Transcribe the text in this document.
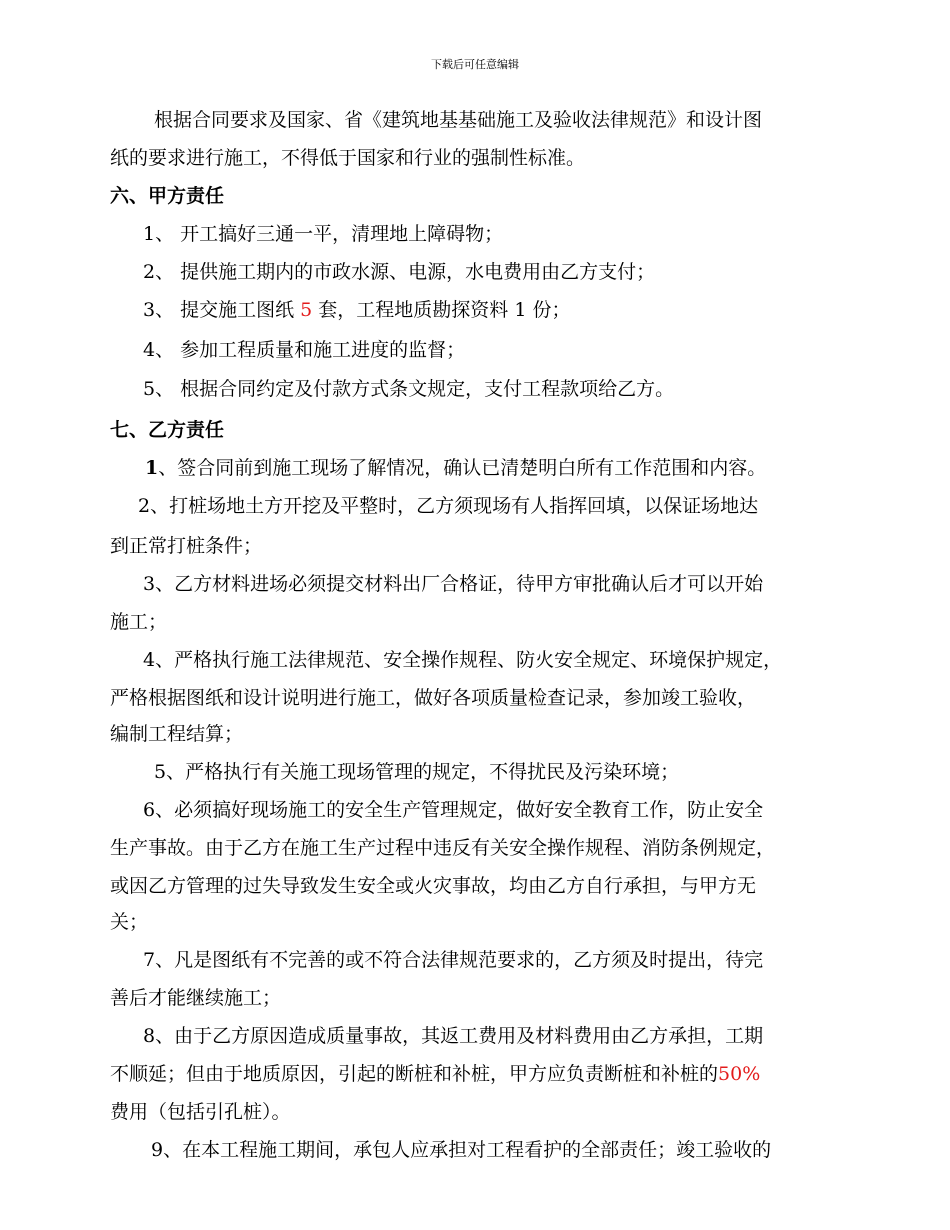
下载后可任意编辑
根据合同要求及国家、省《建筑地基基础施工及验收法律规范》和设计图
纸的要求进行施工，不得低于国家和行业的强制性标准。
六、甲方责任
1、 开工搞好三通一平，清理地上障碍物；
2、 提供施工期内的市政水源、电源，水电费用由乙方支付；
3、 提交施工图纸 5 套，工程地质勘探资料 1 份；
4、 参加工程质量和施工进度的监督；
5、 根据合同约定及付款方式条文规定，支付工程款项给乙方。
七、乙方责任
1、签合同前到施工现场了解情况，确认已清楚明白所有工作范围和内容。
2、打桩场地土方开挖及平整时，乙方须现场有人指挥回填，以保证场地达
到正常打桩条件；
3、乙方材料进场必须提交材料出厂合格证，待甲方审批确认后才可以开始
施工；
4、严格执行施工法律规范、安全操作规程、防火安全规定、环境保护规定，
严格根据图纸和设计说明进行施工，做好各项质量检查记录，参加竣工验收，
编制工程结算；
5、严格执行有关施工现场管理的规定，不得扰民及污染环境；
6、必须搞好现场施工的安全生产管理规定，做好安全教育工作，防止安全
生产事故。由于乙方在施工生产过程中违反有关安全操作规程、消防条例规定，
或因乙方管理的过失导致发生安全或火灾事故，均由乙方自行承担，与甲方无
关；
7、凡是图纸有不完善的或不符合法律规范要求的，乙方须及时提出，待完
善后才能继续施工；
8、由于乙方原因造成质量事故，其返工费用及材料费用由乙方承担，工期
不顺延；但由于地质原因，引起的断桩和补桩，甲方应负责断桩和补桩的50%
费用（包括引孔桩）。
9、在本工程施工期间，承包人应承担对工程看护的全部责任；竣工验收的
